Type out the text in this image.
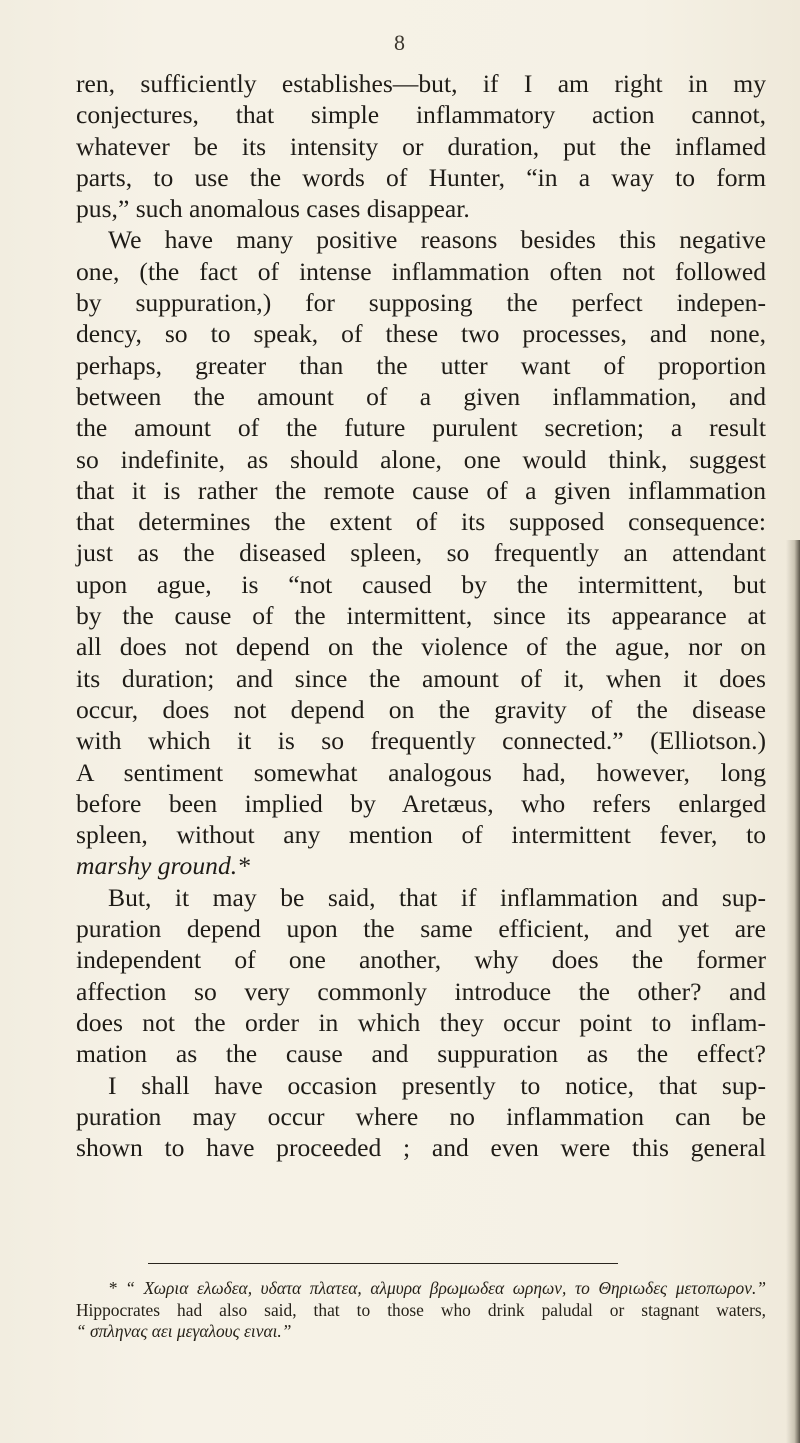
8

ren, sufficiently establishes—but, if I am right in my

conjectures, that simple inflammatory action cannot,

whatever be its intensity or duration, put the inflamed

parts, to use the words of Hunter, “in a way to form

pus,” such anomalous cases disappear.

We have many positive reasons besides this negative

one, (the fact of intense inflammation often not followed

by suppuration,) for supposing the perfect indepen-

dency, so to speak, of these two processes, and none,

perhaps, greater than the utter want of proportion

between the amount of a given inflammation, and

the amount of the future purulent secretion; a result

so indefinite, as should alone, one would think, suggest

that it is rather the remote cause of a given inflammation

that determines the extent of its supposed consequence:

just as the diseased spleen, so frequently an attendant

upon ague, is “not caused by the intermittent, but

by the cause of the intermittent, since its appearance at

all does not depend on the violence of the ague, nor on

its duration; and since the amount of it, when it does

occur, does not depend on the gravity of the disease

with which it is so frequently connected.” (Elliotson.)

A sentiment somewhat analogous had, however, long

before been implied by Aretæus, who refers enlarged

spleen, without any mention of intermittent fever, to

marshy ground.*

But, it may be said, that if inflammation and sup-

puration depend upon the same efficient, and yet are

independent of one another, why does the former

affection so very commonly introduce the other? and

does not the order in which they occur point to inflam-

mation as the cause and suppuration as the effect?

I shall have occasion presently to notice, that sup-

puration may occur where no inflammation can be

shown to have proceeded ; and even were this general

* “ Χωρια ελωδεα, υδατα πλατεα, αλμυρα βρωμωδεα ωρηων, το Θηριωδες μετοπωρον.”

Hippocrates had also said, that to those who drink paludal or stagnant waters,

“ σπληνας αει μεγαλους ειναι.”
